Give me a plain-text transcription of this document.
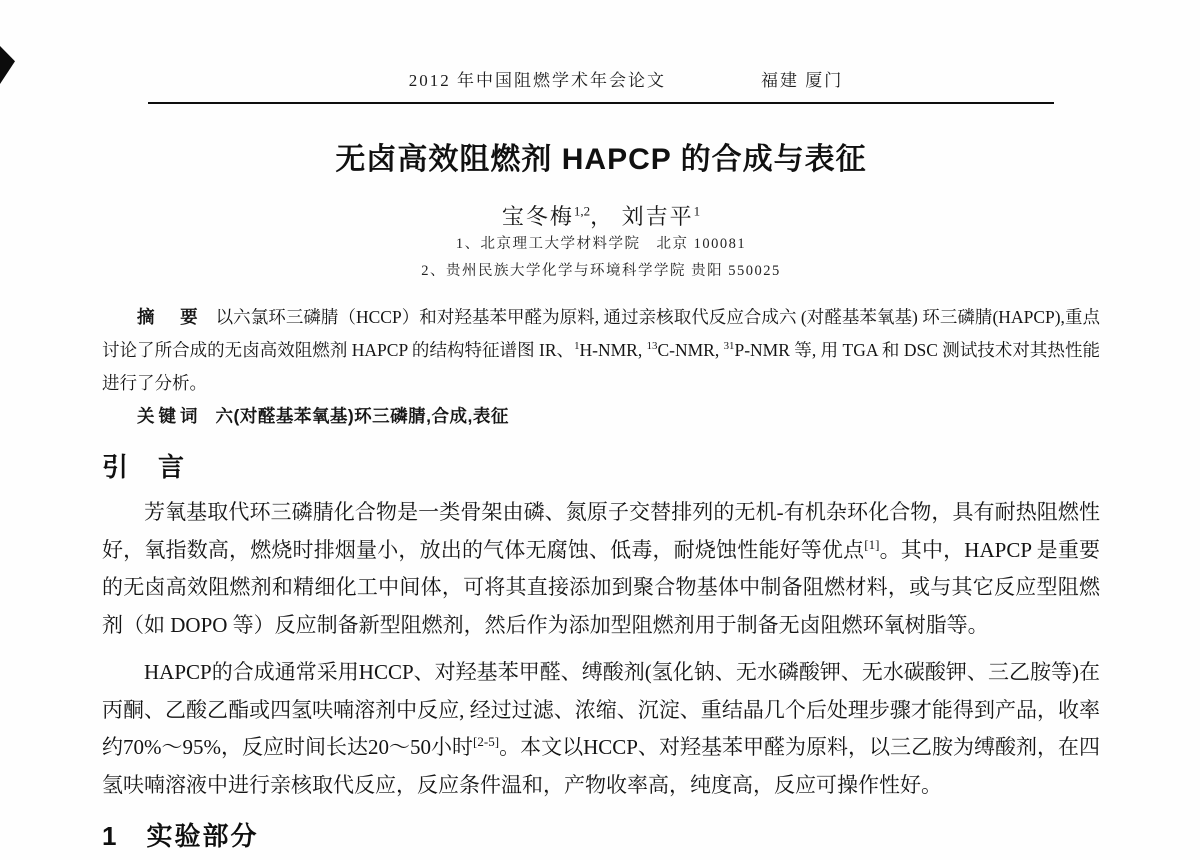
2012 年中国阻燃学术年会论文	福建 厦门
无卤高效阻燃剂 HAPCP 的合成与表征
宝冬梅$^{1,2}$， 刘吉平$^1$
1、北京理工大学材料学院　北京 100081
2、贵州民族大学化学与环境科学学院 贵阳 550025

摘　要 以六氯环三磷腈（HCCP）和对羟基苯甲醛为原料, 通过亲核取代反应合成六 (对醛基苯氧基) 环三磷腈(HAPCP),重点讨论了所合成的无卤高效阻燃剂 HAPCP 的结构特征谱图 IR、$^1$H-NMR, $^{13}$C-NMR, $^{31}$P-NMR 等, 用 TGA 和 DSC 测试技术对其热性能进行了分析。

关键词 六(对醛基苯氧基)环三磷腈,合成,表征

引　言

芳氧基取代环三磷腈化合物是一类骨架由磷、氮原子交替排列的无机-有机杂环化合物，具有耐热阻燃性好，氧指数高，燃烧时排烟量小，放出的气体无腐蚀、低毒，耐烧蚀性能好等优点[1]。其中，HAPCP 是重要的无卤高效阻燃剂和精细化工中间体，可将其直接添加到聚合物基体中制备阻燃材料，或与其它反应型阻燃剂（如 DOPO 等）反应制备新型阻燃剂，然后作为添加型阻燃剂用于制备无卤阻燃环氧树脂等。

HAPCP的合成通常采用HCCP、对羟基苯甲醛、缚酸剂(氢化钠、无水磷酸钾、无水碳酸钾、三乙胺等)在丙酮、乙酸乙酯或四氢呋喃溶剂中反应, 经过过滤、浓缩、沉淀、重结晶几个后处理步骤才能得到产品，收率约70%～95%，反应时间长达20～50小时[2-5]。本文以HCCP、对羟基苯甲醛为原料，以三乙胺为缚酸剂，在四氢呋喃溶液中进行亲核取代反应，反应条件温和，产物收率高，纯度高，反应可操作性好。

1　实验部分
